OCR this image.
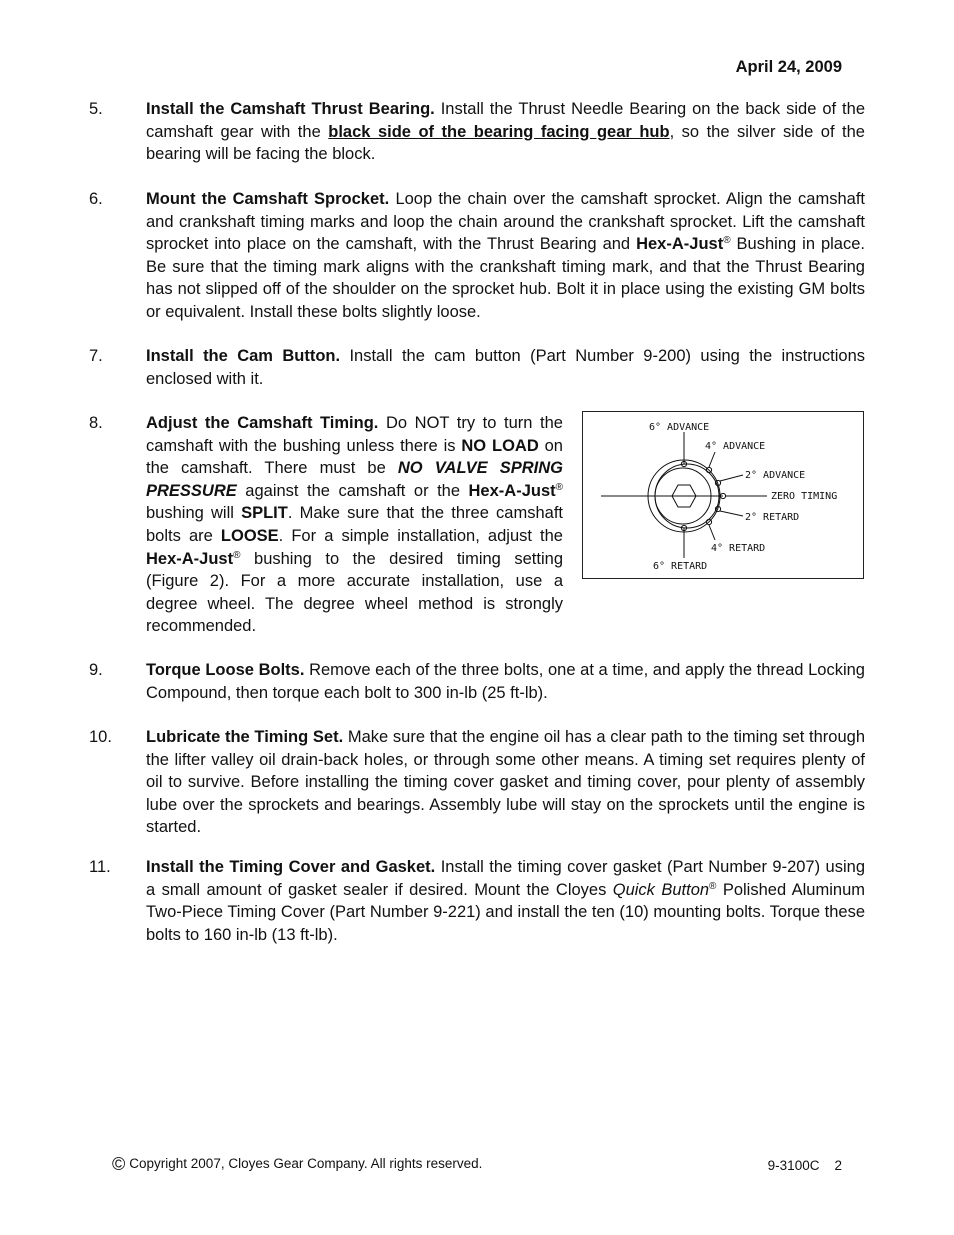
April 24, 2009
5.	Install the Camshaft Thrust Bearing. Install the Thrust Needle Bearing on the back side of the camshaft gear with the black side of the bearing facing gear hub, so the silver side of the bearing will be facing the block.
6.	Mount the Camshaft Sprocket. Loop the chain over the camshaft sprocket. Align the camshaft and crankshaft timing marks and loop the chain around the crankshaft sprocket. Lift the camshaft sprocket into place on the camshaft, with the Thrust Bearing and Hex-A-Just® Bushing in place. Be sure that the timing mark aligns with the crankshaft timing mark, and that the Thrust Bearing has not slipped off of the shoulder on the sprocket hub. Bolt it in place using the existing GM bolts or equivalent. Install these bolts slightly loose.
7.	Install the Cam Button. Install the cam button (Part Number 9-200) using the instructions enclosed with it.
8.	Adjust the Camshaft Timing. Do NOT try to turn the camshaft with the bushing unless there is NO LOAD on the camshaft. There must be NO VALVE SPRING PRESSURE against the camshaft or the Hex-A-Just® bushing will SPLIT. Make sure that the three camshaft bolts are LOOSE. For a simple installation, adjust the Hex-A-Just® bushing to the desired timing setting (Figure 2). For a more accurate installation, use a degree wheel. The degree wheel method is strongly recommended.
6° ADVANCE
4° ADVANCE
2° ADVANCE
ZERO TIMING
2° RETARD
4° RETARD
6° RETARD
9.	Torque Loose Bolts. Remove each of the three bolts, one at a time, and apply the thread Locking Compound, then torque each bolt to 300 in-lb (25 ft-lb).
10.	Lubricate the Timing Set. Make sure that the engine oil has a clear path to the timing set through the lifter valley oil drain-back holes, or through some other means. A timing set requires plenty of oil to survive. Before installing the timing cover gasket and timing cover, pour plenty of assembly lube over the sprockets and bearings. Assembly lube will stay on the sprockets until the engine is started.
11.	Install the Timing Cover and Gasket. Install the timing cover gasket (Part Number 9-207) using a small amount of gasket sealer if desired. Mount the Cloyes Quick Button® Polished Aluminum Two-Piece Timing Cover (Part Number 9-221) and install the ten (10) mounting bolts. Torque these bolts to 160 in-lb (13 ft-lb).
© Copyright 2007, Cloyes Gear Company. All rights reserved.	9-3100C 2
